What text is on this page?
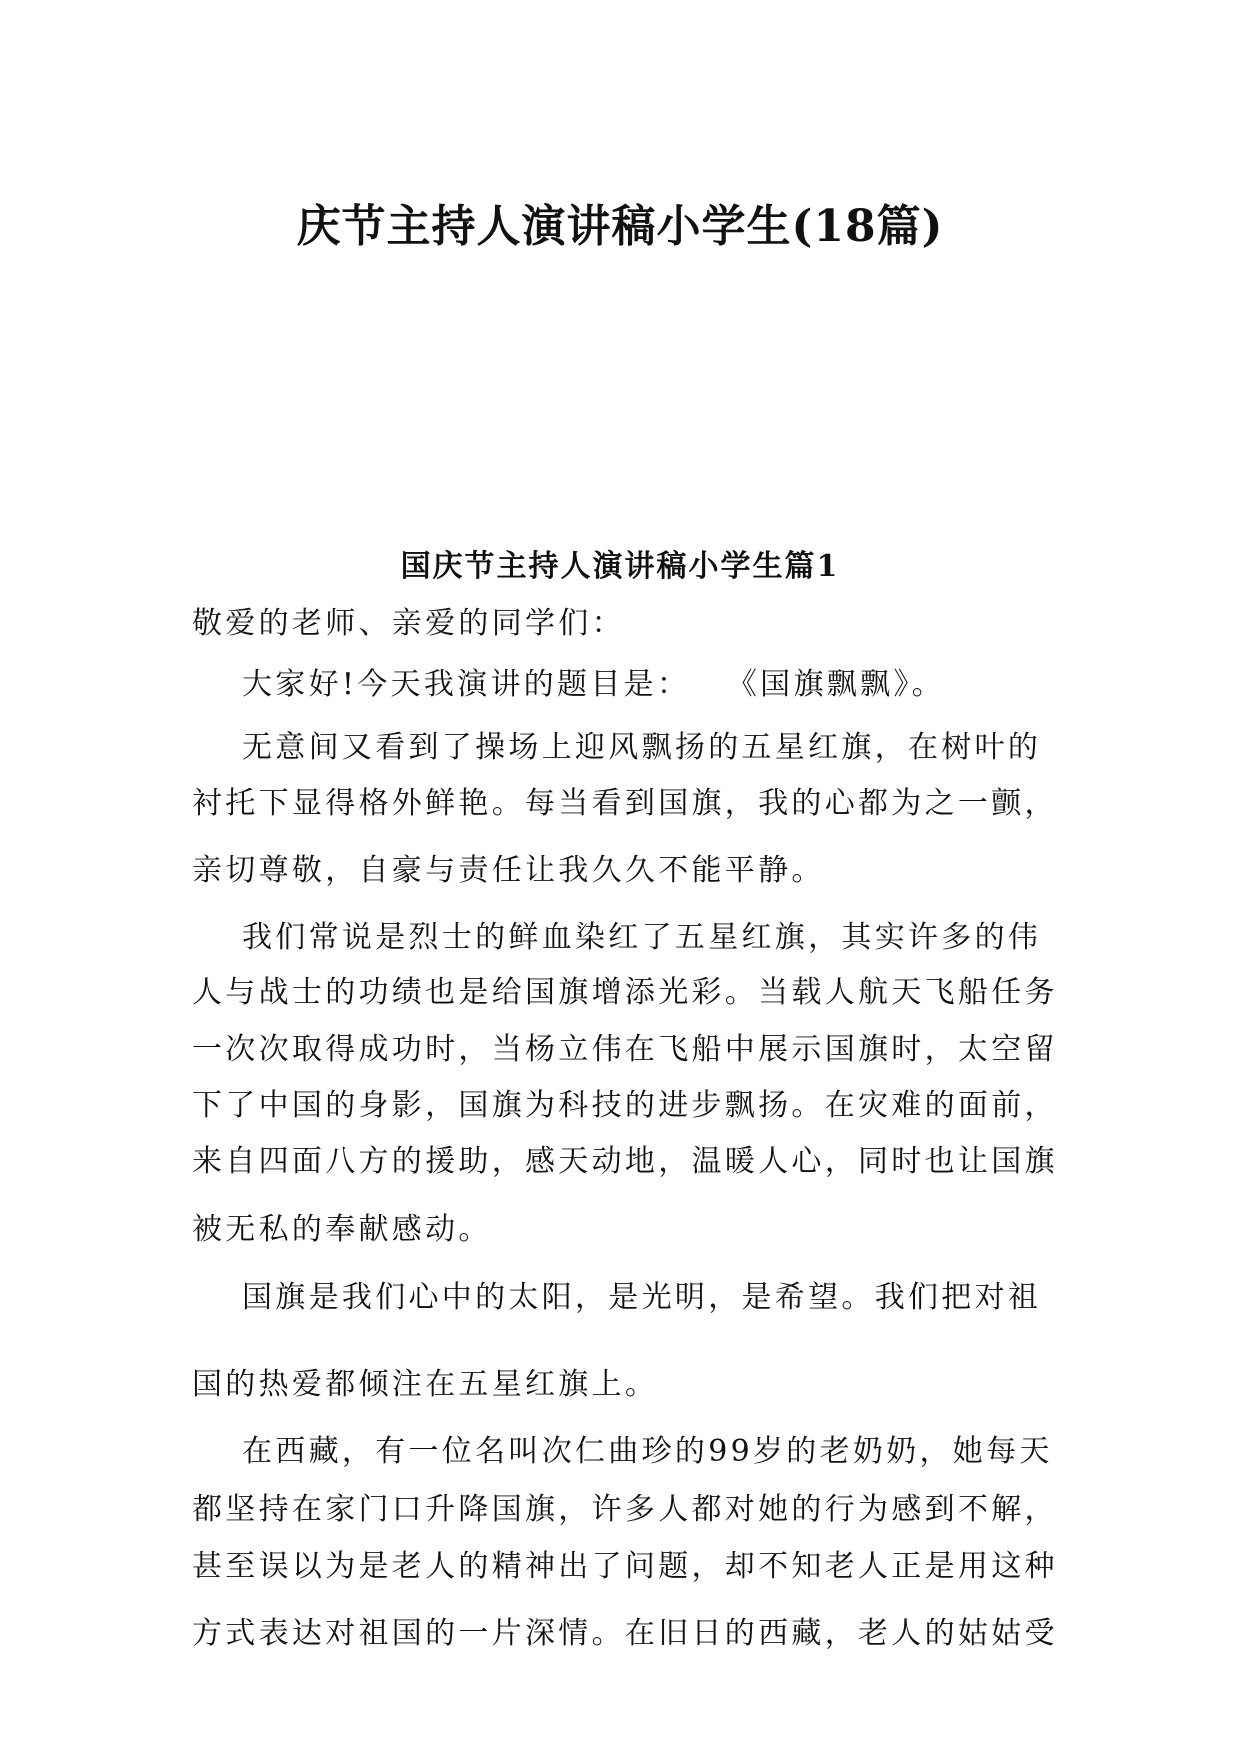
庆节主持人演讲稿小学生(18篇)
国庆节主持人演讲稿小学生篇1
敬爱的老师、亲爱的同学们：
大家好!今天我演讲的题目是：　　《国旗飘飘》。
无意间又看到了操场上迎风飘扬的五星红旗，在树叶的
衬托下显得格外鲜艳。每当看到国旗，我的心都为之一颤，
亲切尊敬，自豪与责任让我久久不能平静。
我们常说是烈士的鲜血染红了五星红旗，其实许多的伟
人与战士的功绩也是给国旗增添光彩。当载人航天飞船任务
一次次取得成功时，当杨立伟在飞船中展示国旗时，太空留
下了中国的身影，国旗为科技的进步飘扬。在灾难的面前，
来自四面八方的援助，感天动地，温暖人心，同时也让国旗
被无私的奉献感动。
国旗是我们心中的太阳，是光明，是希望。我们把对祖
国的热爱都倾注在五星红旗上。
在西藏，有一位名叫次仁曲珍的99岁的老奶奶，她每天
都坚持在家门口升降国旗，许多人都对她的行为感到不解，
甚至误以为是老人的精神出了问题，却不知老人正是用这种
方式表达对祖国的一片深情。在旧日的西藏，老人的姑姑受
